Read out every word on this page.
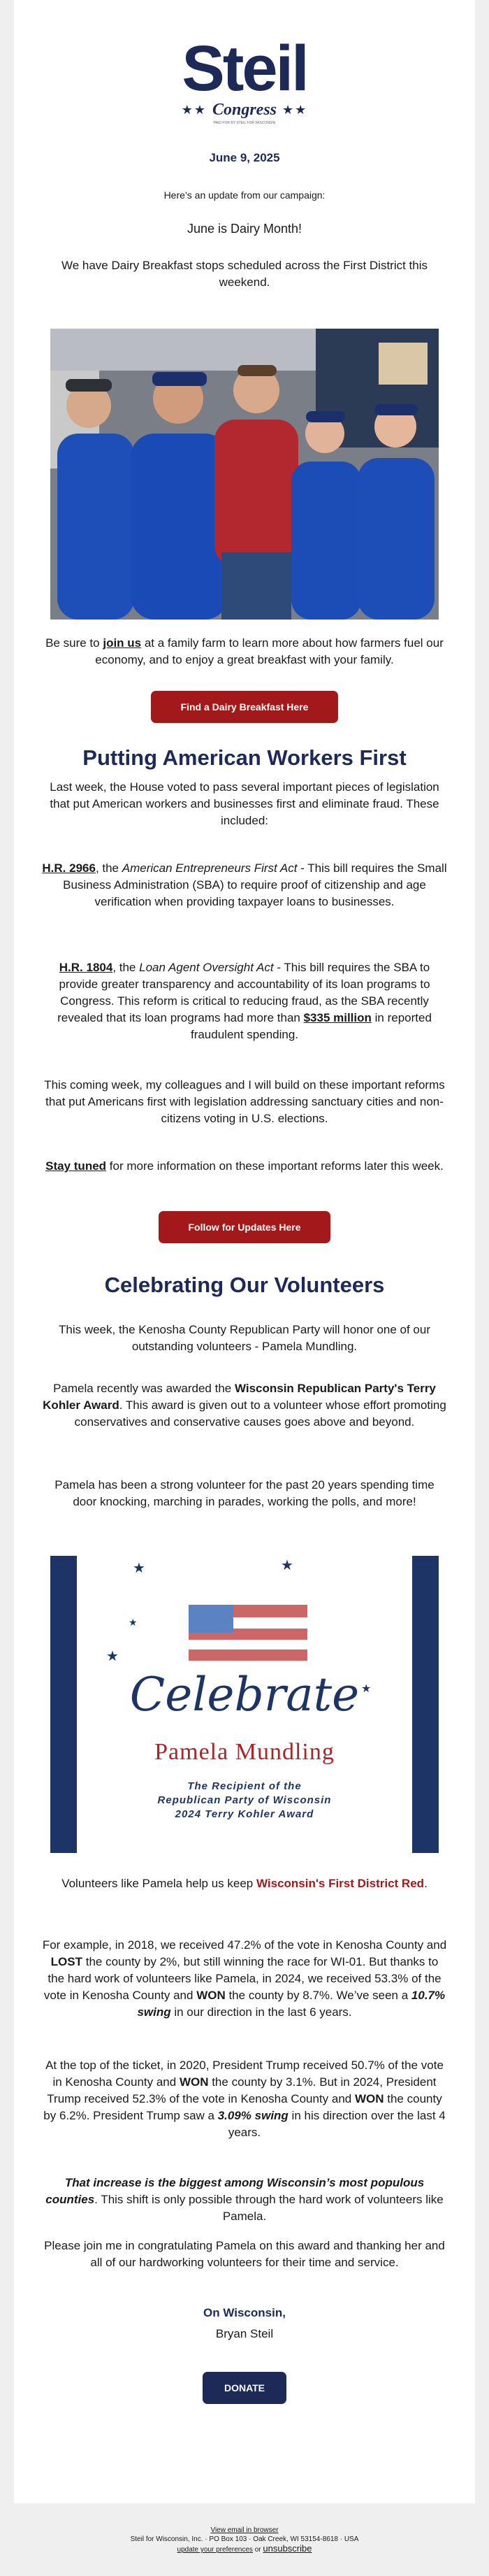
Steil
★★ Congress ★★
PAID FOR BY STEIL FOR WISCONSIN
June 9, 2025
Here’s an update from our campaign:
June is Dairy Month!
We have Dairy Breakfast stops scheduled across the First District this weekend.
Be sure to join us at a family farm to learn more about how farmers fuel our economy, and to enjoy a great breakfast with your family.
Find a Dairy Breakfast Here
Putting American Workers First
Last week, the House voted to pass several important pieces of legislation that put American workers and businesses first and eliminate fraud. These included:
H.R. 2966, the American Entrepreneurs First Act - This bill requires the Small Business Administration (SBA) to require proof of citizenship and age verification when providing taxpayer loans to businesses.
H.R. 1804, the Loan Agent Oversight Act - This bill requires the SBA to provide greater transparency and accountability of its loan programs to Congress. This reform is critical to reducing fraud, as the SBA recently revealed that its loan programs had more than $335 million in reported fraudulent spending.
This coming week, my colleagues and I will build on these important reforms that put Americans first with legislation addressing sanctuary cities and non-citizens voting in U.S. elections.
Stay tuned for more information on these important reforms later this week.
Follow for Updates Here
Celebrating Our Volunteers
This week, the Kenosha County Republican Party will honor one of our outstanding volunteers - Pamela Mundling.
Pamela recently was awarded the Wisconsin Republican Party's Terry Kohler Award. This award is given out to a volunteer whose effort promoting conservatives and conservative causes goes above and beyond.
Pamela has been a strong volunteer for the past 20 years spending time door knocking, marching in parades, working the polls, and more!
★
★
★
★
★
Celebrate
Pamela Mundling
The Recipient of the
Republican Party of Wisconsin
2024 Terry Kohler Award
Volunteers like Pamela help us keep Wisconsin's First District Red.
For example, in 2018, we received 47.2% of the vote in Kenosha County and LOST the county by 2%, but still winning the race for WI-01. But thanks to the hard work of volunteers like Pamela, in 2024, we received 53.3% of the vote in Kenosha County and WON the county by 8.7%. We’ve seen a 10.7% swing in our direction in the last 6 years.
At the top of the ticket, in 2020, President Trump received 50.7% of the vote in Kenosha County and WON the county by 3.1%. But in 2024, President Trump received 52.3% of the vote in Kenosha County and WON the county by 6.2%. President Trump saw a 3.09% swing in his direction over the last 4 years.
That increase is the biggest among Wisconsin’s most populous counties. This shift is only possible through the hard work of volunteers like Pamela.
Please join me in congratulating Pamela on this award and thanking her and all of our hardworking volunteers for their time and service.
On Wisconsin,
Bryan Steil
DONATE
View email in browser
Steil for Wisconsin, Inc. · PO Box 103 · Oak Creek, WI 53154-8618 · USA
update your preferences or unsubscribe
